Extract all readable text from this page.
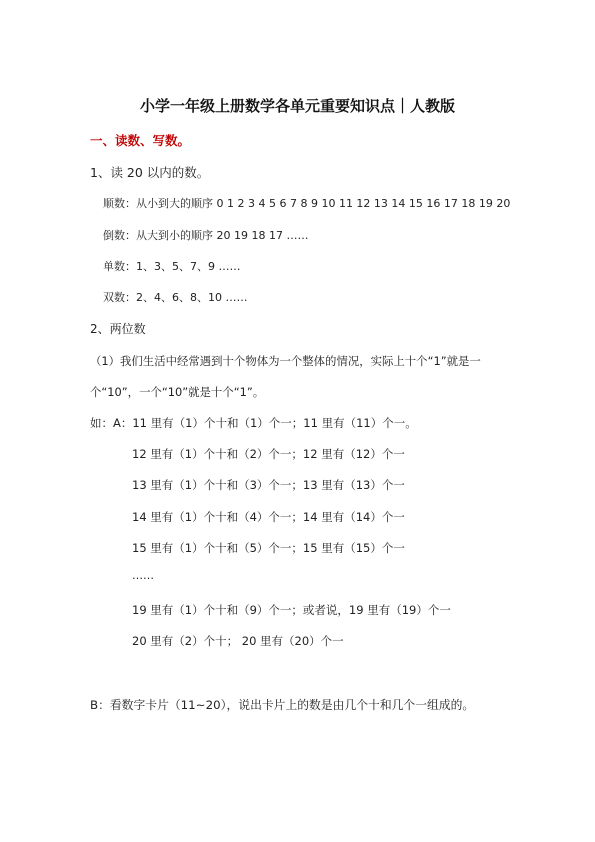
小学一年级上册数学各单元重要知识点｜人教版
一、读数、写数。
1、读 20 以内的数。
顺数：从小到大的顺序 0 1 2 3 4 5 6 7 8 9 10 11 12 13 14 15 16 17 18 19 20
倒数：从大到小的顺序 20 19 18 17 ……
单数：1、3、5、7、9 ……
双数：2、4、6、8、10 ……
2、两位数
（1）我们生活中经常遇到十个物体为一个整体的情况，实际上十个“1”就是一
个“10”，一个“10”就是十个“1”。
如：A：11 里有（1）个十和（1）个一；11 里有（11）个一。
12 里有（1）个十和（2）个一；12 里有（12）个一
13 里有（1）个十和（3）个一；13 里有（13）个一
14 里有（1）个十和（4）个一；14 里有（14）个一
15 里有（1）个十和（5）个一；15 里有（15）个一
……
19 里有（1）个十和（9）个一；或者说，19 里有（19）个一
20 里有（2）个十； 20 里有（20）个一
B：看数字卡片（11~20），说出卡片上的数是由几个十和几个一组成的。
